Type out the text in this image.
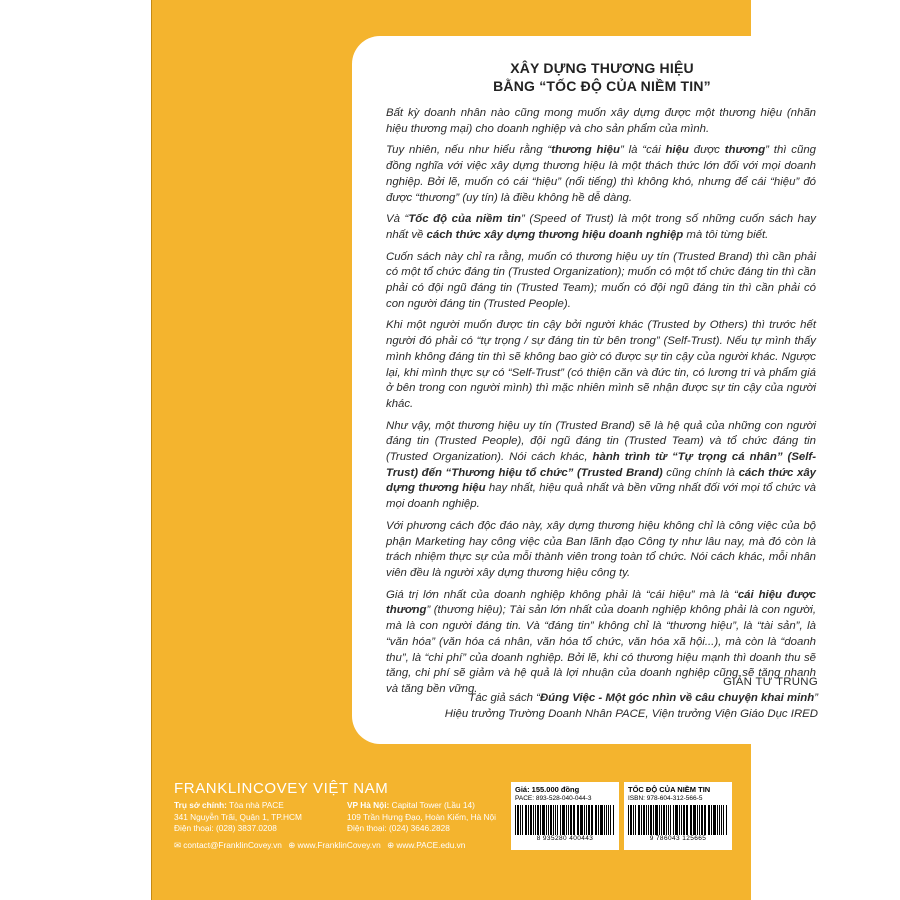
XÂY DỰNG THƯƠNG HIỆU
BẰNG “TỐC ĐỘ CỦA NIỀM TIN”

Bất kỳ doanh nhân nào cũng mong muốn xây dựng được một thương hiệu (nhãn hiệu thương mại) cho doanh nghiệp và cho sản phẩm của mình.

Tuy nhiên, nếu như hiểu rằng “thương hiệu” là “cái hiệu được thương” thì cũng đồng nghĩa với việc xây dựng thương hiệu là một thách thức lớn đối với mọi doanh nghiệp. Bởi lẽ, muốn có cái “hiệu” (nổi tiếng) thì không khó, nhưng để cái “hiệu” đó được “thương” (uy tín) là điều không hề dễ dàng.

Và “Tốc độ của niềm tin” (Speed of Trust) là một trong số những cuốn sách hay nhất về cách thức xây dựng thương hiệu doanh nghiệp mà tôi từng biết.

Cuốn sách này chỉ ra rằng, muốn có thương hiệu uy tín (Trusted Brand) thì cần phải có một tổ chức đáng tin (Trusted Organization); muốn có một tổ chức đáng tin thì cần phải có đội ngũ đáng tin (Trusted Team); muốn có đội ngũ đáng tin thì cần phải có con người đáng tin (Trusted People).

Khi một người muốn được tin cậy bởi người khác (Trusted by Others) thì trước hết người đó phải có “tự trọng / sự đáng tin từ bên trong” (Self-Trust). Nếu tự mình thấy mình không đáng tin thì sẽ không bao giờ có được sự tin cậy của người khác. Ngược lại, khi mình thực sự có “Self-Trust” (có thiện căn và đức tin, có lương tri và phẩm giá ở bên trong con người mình) thì mặc nhiên mình sẽ nhận được sự tin cậy của người khác.

Như vậy, một thương hiệu uy tín (Trusted Brand) sẽ là hệ quả của những con người đáng tin (Trusted People), đội ngũ đáng tin (Trusted Team) và tổ chức đáng tin (Trusted Organization). Nói cách khác, hành trình từ “Tự trọng cá nhân” (Self-Trust) đến “Thương hiệu tổ chức” (Trusted Brand) cũng chính là cách thức xây dựng thương hiệu hay nhất, hiệu quả nhất và bền vững nhất đối với mọi tổ chức và mọi doanh nghiệp.

Với phương cách độc đáo này, xây dựng thương hiệu không chỉ là công việc của bộ phận Marketing hay công việc của Ban lãnh đạo Công ty như lâu nay, mà đó còn là trách nhiệm thực sự của mỗi thành viên trong toàn tổ chức. Nói cách khác, mỗi nhân viên đều là người xây dựng thương hiệu công ty.

Giá trị lớn nhất của doanh nghiệp không phải là “cái hiệu” mà là “cái hiệu được thương” (thương hiệu); Tài sản lớn nhất của doanh nghiệp không phải là con người, mà là con người đáng tin. Và “đáng tin” không chỉ là “thương hiệu”, là “tài sản”, là “văn hóa” (văn hóa cá nhân, văn hóa tổ chức, văn hóa xã hội...), mà còn là “doanh thu”, là “chi phí” của doanh nghiệp. Bởi lẽ, khi có thương hiệu mạnh thì doanh thu sẽ tăng, chi phí sẽ giảm và hệ quả là lợi nhuận của doanh nghiệp cũng sẽ tăng nhanh và tăng bền vững.

GIẢN TƯ TRUNG
Tác giả sách “Đúng Việc - Một góc nhìn về câu chuyện khai minh”
Hiệu trưởng Trường Doanh Nhân PACE, Viện trưởng Viện Giáo Dục IRED
FRANKLINCOVEY VIỆT NAM
Trụ sở chính: Tòa nhà PACE
341 Nguyễn Trãi, Quận 1, TP.HCM
Điện thoại: (028) 3837.0208
VP Hà Nội: Capital Tower (Lầu 14)
109 Trần Hưng Đạo, Hoàn Kiếm, Hà Nội
Điện thoại: (024) 3646.2828
✉ contact@FranklinCovey.vn ⊕ www.FranklinCovey.vn ⊕ www.PACE.edu.vn
Giá: 155.000 đồng
PACE: 893-528-040-044-3
8 935280 400443
TỐC ĐỘ CỦA NIỀM TIN
ISBN: 978-604-312-566-5
9 786043 125665
